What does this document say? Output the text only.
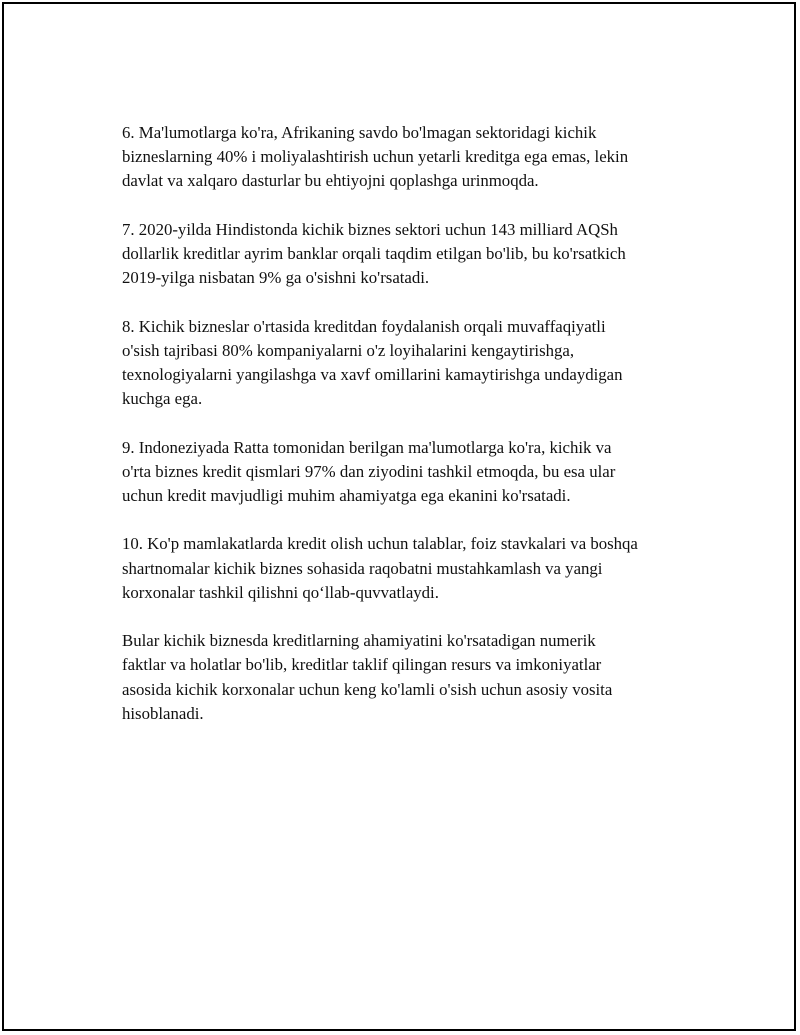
6. Ma'lumotlarga ko'ra, Afrikaning savdo bo'lmagan sektoridagi kichik
bizneslarning 40% i moliyalashtirish uchun yetarli kreditga ega emas, lekin
davlat va xalqaro dasturlar bu ehtiyojni qoplashga urinmoqda.

7. 2020-yilda Hindistonda kichik biznes sektori uchun 143 milliard AQSh
dollarlik kreditlar ayrim banklar orqali taqdim etilgan bo'lib, bu ko'rsatkich
2019-yilga nisbatan 9% ga o'sishni ko'rsatadi.

8. Kichik bizneslar o'rtasida kreditdan foydalanish orqali muvaffaqiyatli
o'sish tajribasi 80% kompaniyalarni o'z loyihalarini kengaytirishga,
texnologiyalarni yangilashga va xavf omillarini kamaytirishga undaydigan
kuchga ega.

9. Indoneziyada Ratta tomonidan berilgan ma'lumotlarga ko'ra, kichik va
o'rta biznes kredit qismlari 97% dan ziyodini tashkil etmoqda, bu esa ular
uchun kredit mavjudligi muhim ahamiyatga ega ekanini ko'rsatadi.

10. Ko'p mamlakatlarda kredit olish uchun talablar, foiz stavkalari va boshqa
shartnomalar kichik biznes sohasida raqobatni mustahkamlash va yangi
korxonalar tashkil qilishni qo‘llab-quvvatlaydi.

Bular kichik biznesda kreditlarning ahamiyatini ko'rsatadigan numerik
faktlar va holatlar bo'lib, kreditlar taklif qilingan resurs va imkoniyatlar
asosida kichik korxonalar uchun keng ko'lamli o'sish uchun asosiy vosita
hisoblanadi.
